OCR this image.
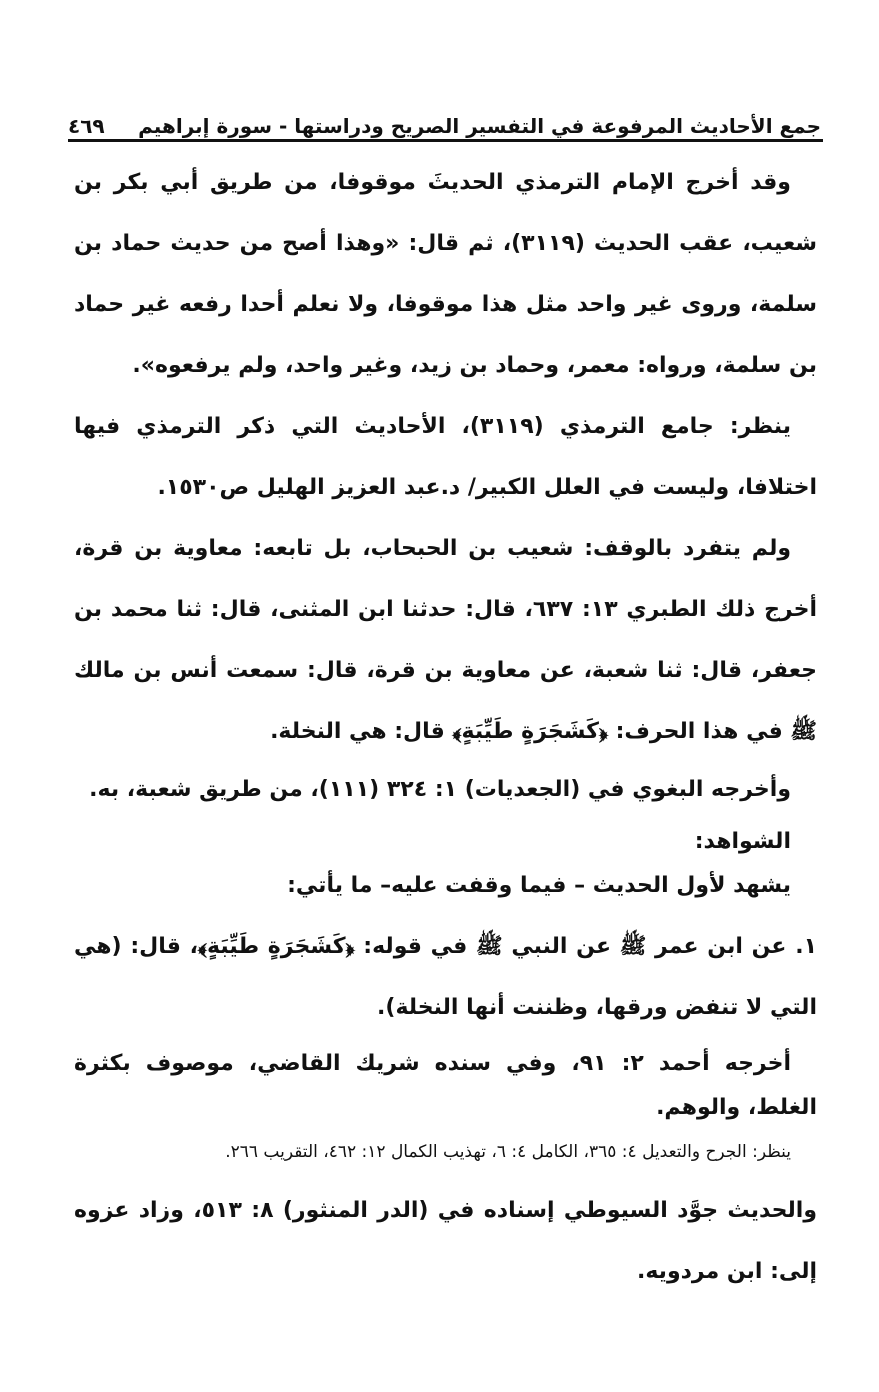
جمع الأحاديث المرفوعة في التفسير الصريح ودراستها - سورة إبراهيم
٤٦٩

وقد أخرج الإمام الترمذي الحديثَ موقوفا، من طريق أبي بكر بن شعيب، عقب الحديث (٣١١٩)، ثم قال: «وهذا أصح من حديث حماد بن سلمة، وروى غير واحد مثل هذا موقوفا، ولا نعلم أحدا رفعه غير حماد بن سلمة، ورواه: معمر، وحماد بن زيد، وغير واحد، ولم يرفعوه».

ينظر: جامع الترمذي (٣١١٩)، الأحاديث التي ذكر الترمذي فيها اختلافا، وليست في العلل الكبير/ د.عبد العزيز الهليل ص١٥٣٠.

ولم يتفرد بالوقف: شعيب بن الحبحاب، بل تابعه: معاوية بن قرة، أخرج ذلك الطبري ١٣: ٦٣٧، قال: حدثنا ابن المثنى، قال: ثنا محمد بن جعفر، قال: ثنا شعبة، عن معاوية بن قرة، قال: سمعت أنس بن مالك ﷺ في هذا الحرف: ﴿كَشَجَرَةٍ طَيِّبَةٍ﴾ قال: هي النخلة.

وأخرجه البغوي في (الجعديات) ١: ٣٢٤ (١١١)، من طريق شعبة، به.

الشواهد:

يشهد لأول الحديث – فيما وقفت عليه– ما يأتي:

١. عن ابن عمر ﷺ عن النبي ﷺ في قوله: ﴿كَشَجَرَةٍ طَيِّبَةٍ﴾، قال: (هي التي لا تنفض ورقها، وظننت أنها النخلة).

أخرجه أحمد ٢: ٩١، وفي سنده شريك القاضي، موصوف بكثرة الغلط، والوهم.

ينظر: الجرح والتعديل ٤: ٣٦٥، الكامل ٤: ٦، تهذيب الكمال ١٢: ٤٦٢، التقريب ٢٦٦.

والحديث جوَّد السيوطي إسناده في (الدر المنثور) ٨: ٥١٣، وزاد عزوه إلى: ابن مردويه.
